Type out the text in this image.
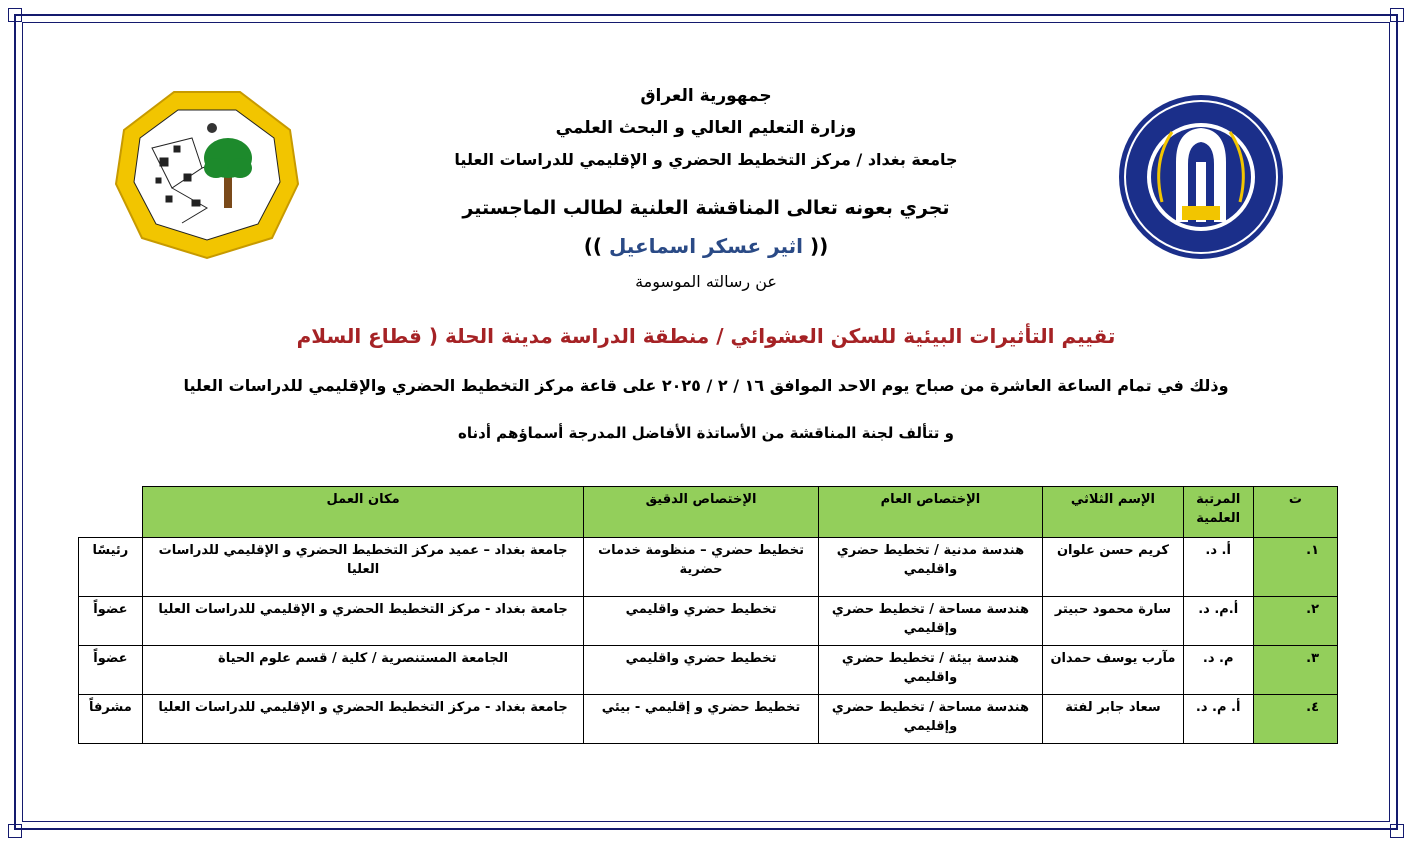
جمهورية العراق
وزارة التعليم العالي و البحث العلمي
جامعة بغداد / مركز التخطيط الحضري و الإقليمي للدراسات العليا
تجري بعونه تعالى المناقشة العلنية لطالب الماجستير
(( اثير عسكر اسماعيل ))
عن رسالته الموسومة
تقييم التأثيرات البيئية للسكن العشوائي / منطقة الدراسة مدينة الحلة ( قطاع السلام
وذلك في تمام الساعة العاشرة من صباح يوم الاحد الموافق ١٦ / ٢ / ٢٠٢٥ على قاعة مركز التخطيط الحضري والإقليمي للدراسات العليا
و تتألف لجنة المناقشة من الأساتذة الأفاضل المدرجة أسماؤهم أدناه
ت	المرتبة العلمية	الإسم الثلاثي	الإختصاص العام	الإختصاص الدقيق	مكان العمل	
١.	أ. د.	كريم حسن علوان	هندسة مدنية / تخطيط حضري واقليمي	تخطيط حضري – منظومة خدمات حضرية	جامعة بغداد – عميد مركز التخطيط الحضري و الإقليمي للدراسات العليا	رئيسًا
٢.	أ.م. د.	سارة محمود حبيتر	هندسة مساحة / تخطيط حضري وإقليمي	تخطيط حضري واقليمي	جامعة بغداد - مركز التخطيط الحضري و الإقليمي للدراسات العليا	عضواً
٣.	م. د.	مآرب يوسف حمدان	هندسة بيئة / تخطيط حضري واقليمي	تخطيط حضري واقليمي	الجامعة المستنصرية / كلية / قسم علوم الحياة	عضواً
٤.	أ. م. د.	سعاد جابر لفتة	هندسة مساحة / تخطيط حضري وإقليمي	تخطيط حضري و إقليمي - بيئي	جامعة بغداد - مركز التخطيط الحضري و الإقليمي للدراسات العليا	مشرفاً
